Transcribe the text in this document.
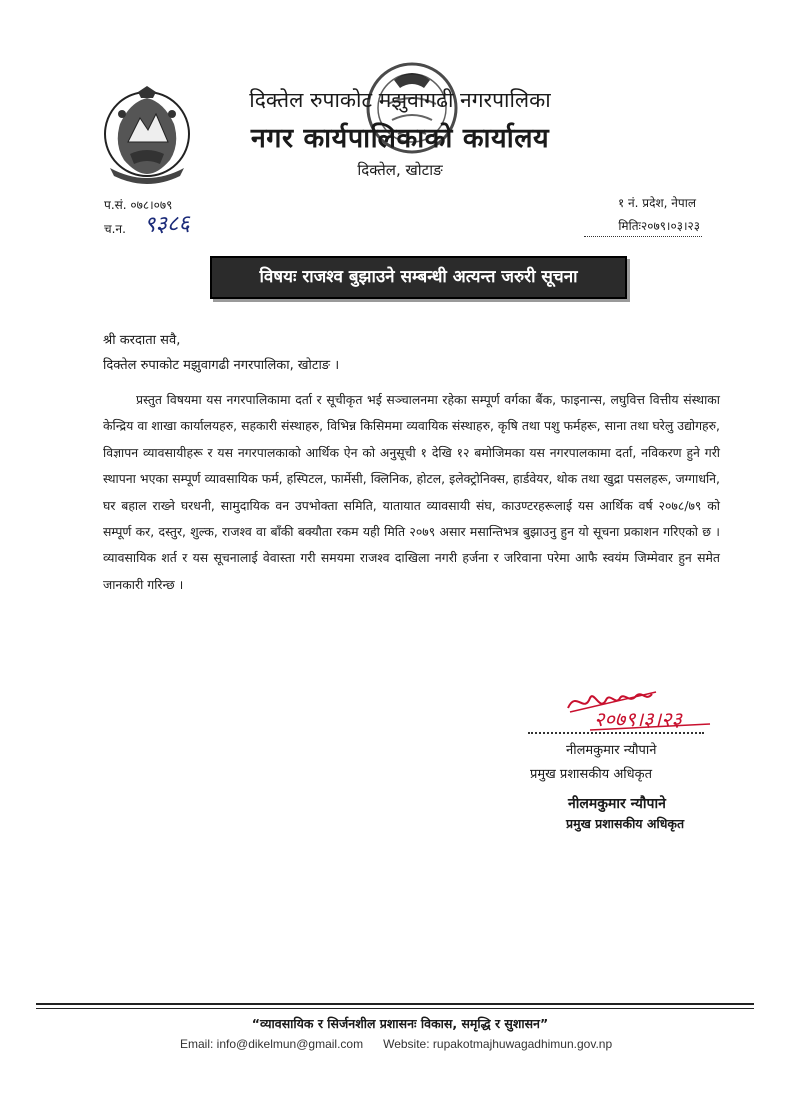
दिक्तेल रुपाकोट मझुवागढी नगरपालिका
नगर कार्यपालिकाको कार्यालय
दिक्तेल, खोटाङ
प.सं. ०७८।०७९
च.न. ९३८६
१ नं. प्रदेश, नेपाल
मितिः२०७९।०३।२३
विषयः राजश्व बुझाउने सम्बन्धी अत्यन्त जरुरी सूचना
श्री करदाता सवै,
दिक्तेल रुपाकोट मझुवागढी नगरपालिका, खोटाङ ।

प्रस्तुत विषयमा यस नगरपालिकामा दर्ता र सूचीकृत भई सञ्चालनमा रहेका सम्पूर्ण वर्गका बैंक, फाइनान्स, लघुवित्त वित्तीय संस्थाका केन्द्रिय वा शाखा कार्यालयहरु, सहकारी संस्थाहरु, विभिन्न किसिममा व्यवायिक संस्थाहरु, कृषि तथा पशु फर्महरू, साना तथा घरेलु उद्योगहरु, विज्ञापन व्यावसायीहरू र यस नगरपालकाको आर्थिक ऐन को अनुसूची १ देखि १२ बमोजिमका यस नगरपालकामा दर्ता, नविकरण हुने गरी स्थापना भएका सम्पूर्ण व्यावसायिक फर्म, हस्पिटल, फार्मेसी, क्लिनिक, होटल, इलेक्ट्रोनिक्स, हार्डवेयर, थोक तथा खुद्रा पसलहरू, जग्गाधनि, घर बहाल राख्ने घरधनी, सामुदायिक वन उपभोक्ता समिति, यातायात व्यावसायी संघ, काउण्टरहरूलाई यस आर्थिक वर्ष २०७८/७९ को सम्पूर्ण कर, दस्तुर, शुल्क, राजश्व वा बाँकी बक्यौता रकम यही मिति २०७९ असार मसान्तिभत्र बुझाउनु हुन यो सूचना प्रकाशन गरिएको छ । व्यावसायिक शर्त र यस सूचनालाई वेवास्ता गरी समयमा राजश्व दाखिला नगरी हर्जना र जरिवाना परेमा आफै स्वयंम जिम्मेवार हुन समेत जानकारी गरिन्छ ।

२०७९।३।२३
नीलमकुमार न्यौपाने
प्रमुख प्रशासकीय अधिकृत
नीलमकुमार न्यौपाने
प्रमुख प्रशासकीय अधिकृत
“व्यावसायिक र सिर्जनशील प्रशासनः विकास, समृद्धि र सुशासन”
Email: info@dikelmun@gmail.com Website: rupakotmajhuwagadhimun.gov.np
